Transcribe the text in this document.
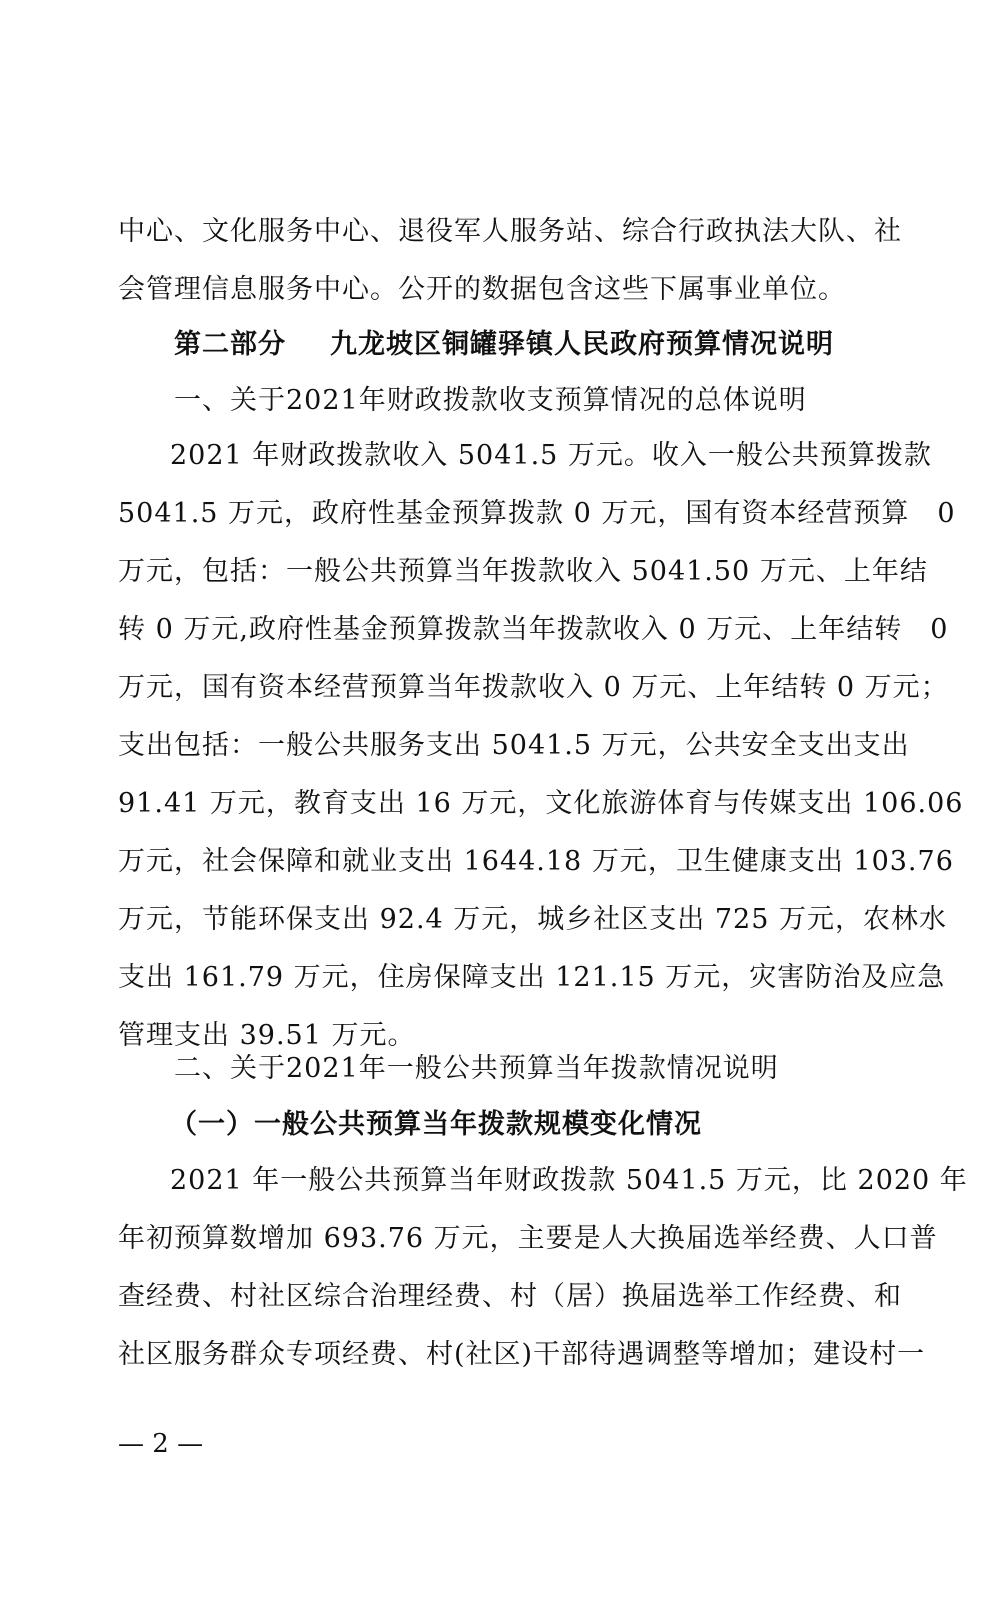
中心、文化服务中心、退役军人服务站、综合行政执法大队、社
会管理信息服务中心。公开的数据包含这些下属事业单位。
第二部分 九龙坡区铜罐驿镇人民政府预算情况说明
一、关于2021年财政拨款收支预算情况的总体说明
2021 年财政拨款收入 5041.5 万元。收入一般公共预算拨款
5041.5 万元，政府性基金预算拨款 0 万元，国有资本经营预算　0
万元，包括：一般公共预算当年拨款收入 5041.50 万元、上年结
转 0 万元,政府性基金预算拨款当年拨款收入 0 万元、上年结转　0
万元，国有资本经营预算当年拨款收入 0 万元、上年结转 0 万元；
支出包括：一般公共服务支出 5041.5 万元，公共安全支出支出
91.41 万元，教育支出 16 万元，文化旅游体育与传媒支出 106.06
万元，社会保障和就业支出 1644.18 万元，卫生健康支出 103.76
万元，节能环保支出 92.4 万元，城乡社区支出 725 万元，农林水
支出 161.79 万元，住房保障支出 121.15 万元，灾害防治及应急
管理支出 39.51 万元。
二、关于2021年一般公共预算当年拨款情况说明
（一）一般公共预算当年拨款规模变化情况
2021 年一般公共预算当年财政拨款 5041.5 万元，比 2020 年
年初预算数增加 693.76 万元，主要是人大换届选举经费、人口普
查经费、村社区综合治理经费、村（居）换届选举工作经费、和
社区服务群众专项经费、村(社区)干部待遇调整等增加；建设村一
— 2 —
